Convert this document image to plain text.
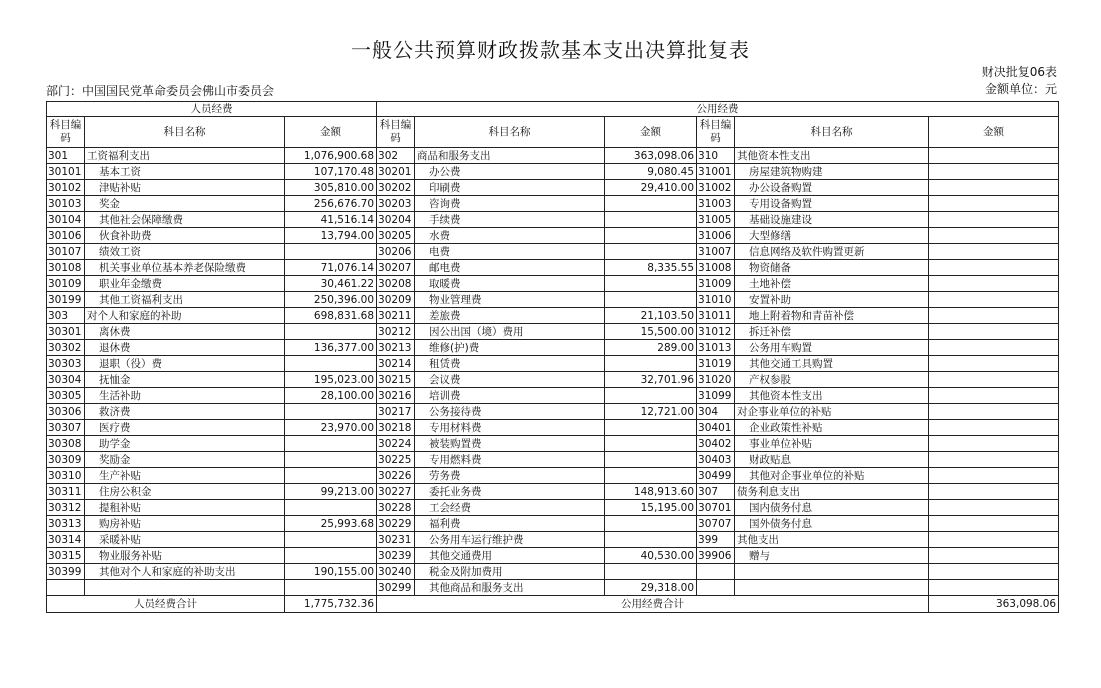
一般公共预算财政拨款基本支出决算批复表
财决批复06表
金额单位：元
部门：中国国民党革命委员会佛山市委员会
人员经费			公用经费					
科目编码	科目名称	金额	科目编码	科目名称	金额	科目编码	科目名称	金额
301	工资福利支出	1,076,900.68	302	商品和服务支出	363,098.06	310	其他资本性支出	
30101	基本工资	107,170.48	30201	办公费	9,080.45	31001	房屋建筑物购建	
30102	津贴补贴	305,810.00	30202	印刷费	29,410.00	31002	办公设备购置	
30103	奖金	256,676.70	30203	咨询费		31003	专用设备购置	
30104	其他社会保障缴费	41,516.14	30204	手续费		31005	基础设施建设	
30106	伙食补助费	13,794.00	30205	水费		31006	大型修缮	
30107	绩效工资		30206	电费		31007	信息网络及软件购置更新	
30108	机关事业单位基本养老保险缴费	71,076.14	30207	邮电费	8,335.55	31008	物资储备	
30109	职业年金缴费	30,461.22	30208	取暖费		31009	土地补偿	
30199	其他工资福利支出	250,396.00	30209	物业管理费		31010	安置补助	
303	对个人和家庭的补助	698,831.68	30211	差旅费	21,103.50	31011	地上附着物和青苗补偿	
30301	离休费		30212	因公出国（境）费用	15,500.00	31012	拆迁补偿	
30302	退休费	136,377.00	30213	维修(护)费	289.00	31013	公务用车购置	
30303	退职（役）费		30214	租赁费		31019	其他交通工具购置	
30304	抚恤金	195,023.00	30215	会议费	32,701.96	31020	产权参股	
30305	生活补助	28,100.00	30216	培训费		31099	其他资本性支出	
30306	救济费		30217	公务接待费	12,721.00	304	对企事业单位的补贴	
30307	医疗费	23,970.00	30218	专用材料费		30401	企业政策性补贴	
30308	助学金		30224	被装购置费		30402	事业单位补贴	
30309	奖励金		30225	专用燃料费		30403	财政贴息	
30310	生产补贴		30226	劳务费		30499	其他对企事业单位的补贴	
30311	住房公积金	99,213.00	30227	委托业务费	148,913.60	307	债务利息支出	
30312	提租补贴		30228	工会经费	15,195.00	30701	国内债务付息	
30313	购房补贴	25,993.68	30229	福利费		30707	国外债务付息	
30314	采暖补贴		30231	公务用车运行维护费		399	其他支出	
30315	物业服务补贴		30239	其他交通费用	40,530.00	39906	赠与	
30399	其他对个人和家庭的补助支出	190,155.00	30240	税金及附加费用				
			30299	其他商品和服务支出	29,318.00			
人员经费合计		1,775,732.36	公用经费合计					363,098.06
